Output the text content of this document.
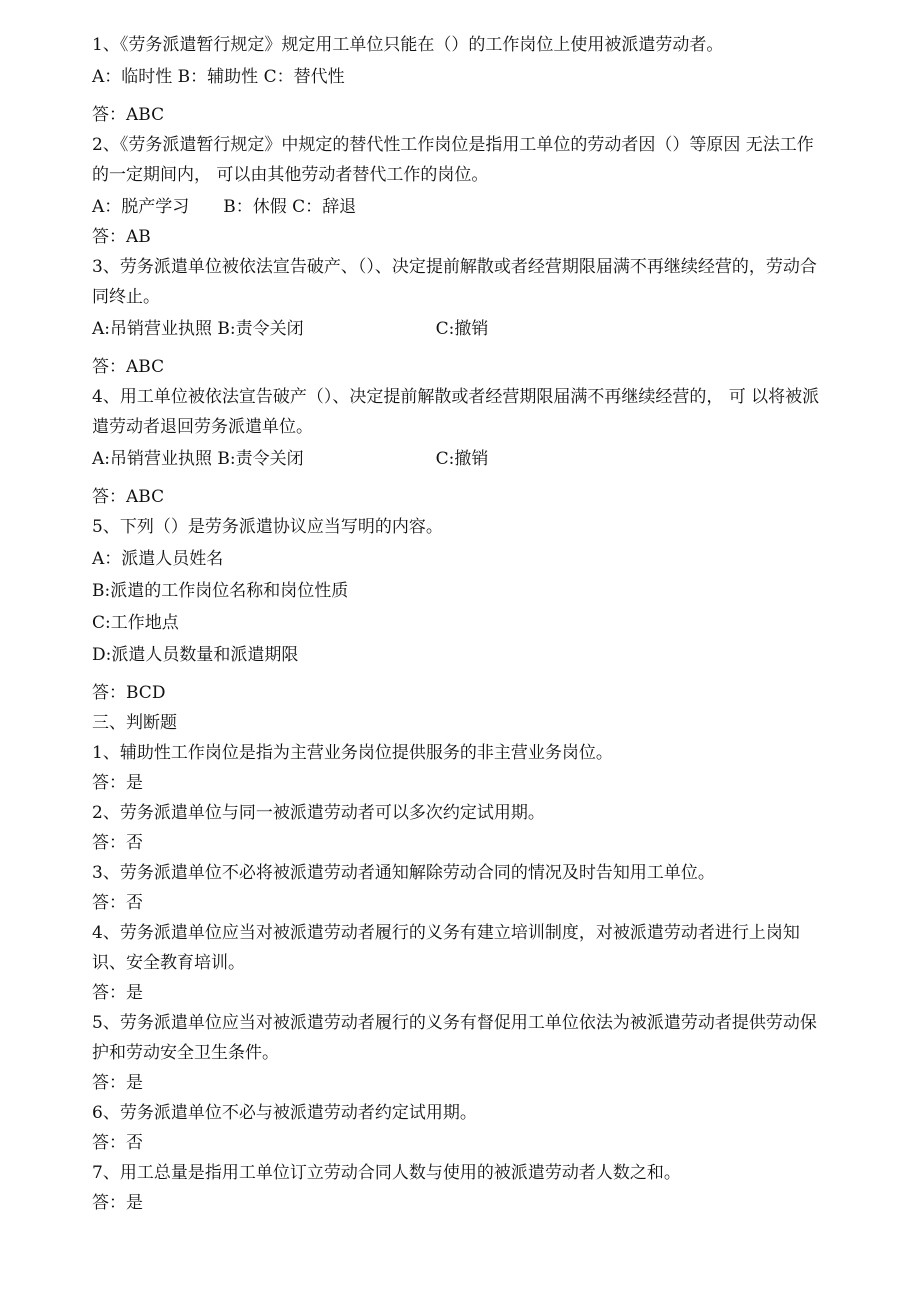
1、《劳务派遣暂行规定》规定用工单位只能在（）的工作岗位上使用被派遣劳动者。

A：临时性 B：辅助性 C：替代性

答：ABC

2、《劳务派遣暂行规定》中规定的替代性工作岗位是指用工单位的劳动者因（）等原因 无法工作的一定期间内， 可以由其他劳动者替代工作的岗位。

A：脱产学习 B：休假 C：辞退

答：AB

3、劳务派遣单位被依法宣告破产、（）、决定提前解散或者经营期限届满不再继续经营的，劳动合同终止。

A:吊销营业执照 B:责令关闭	C:撤销

答：ABC

4、用工单位被依法宣告破产（）、决定提前解散或者经营期限届满不再继续经营的， 可 以将被派遣劳动者退回劳务派遣单位。

A:吊销营业执照 B:责令关闭	C:撤销

答：ABC

5、下列（）是劳务派遣协议应当写明的内容。

A：派遣人员姓名

B:派遣的工作岗位名称和岗位性质

C:工作地点

D:派遣人员数量和派遣期限

答：BCD

三、判断题

1、辅助性工作岗位是指为主营业务岗位提供服务的非主营业务岗位。

答：是

2、劳务派遣单位与同一被派遣劳动者可以多次约定试用期。

答：否

3、劳务派遣单位不必将被派遣劳动者通知解除劳动合同的情况及时告知用工单位。

答：否

4、劳务派遣单位应当对被派遣劳动者履行的义务有建立培训制度，对被派遣劳动者进行上岗知识、安全教育培训。

答：是

5、劳务派遣单位应当对被派遣劳动者履行的义务有督促用工单位依法为被派遣劳动者提供劳动保护和劳动安全卫生条件。

答：是

6、劳务派遣单位不必与被派遣劳动者约定试用期。

答：否

7、用工总量是指用工单位订立劳动合同人数与使用的被派遣劳动者人数之和。

答：是
